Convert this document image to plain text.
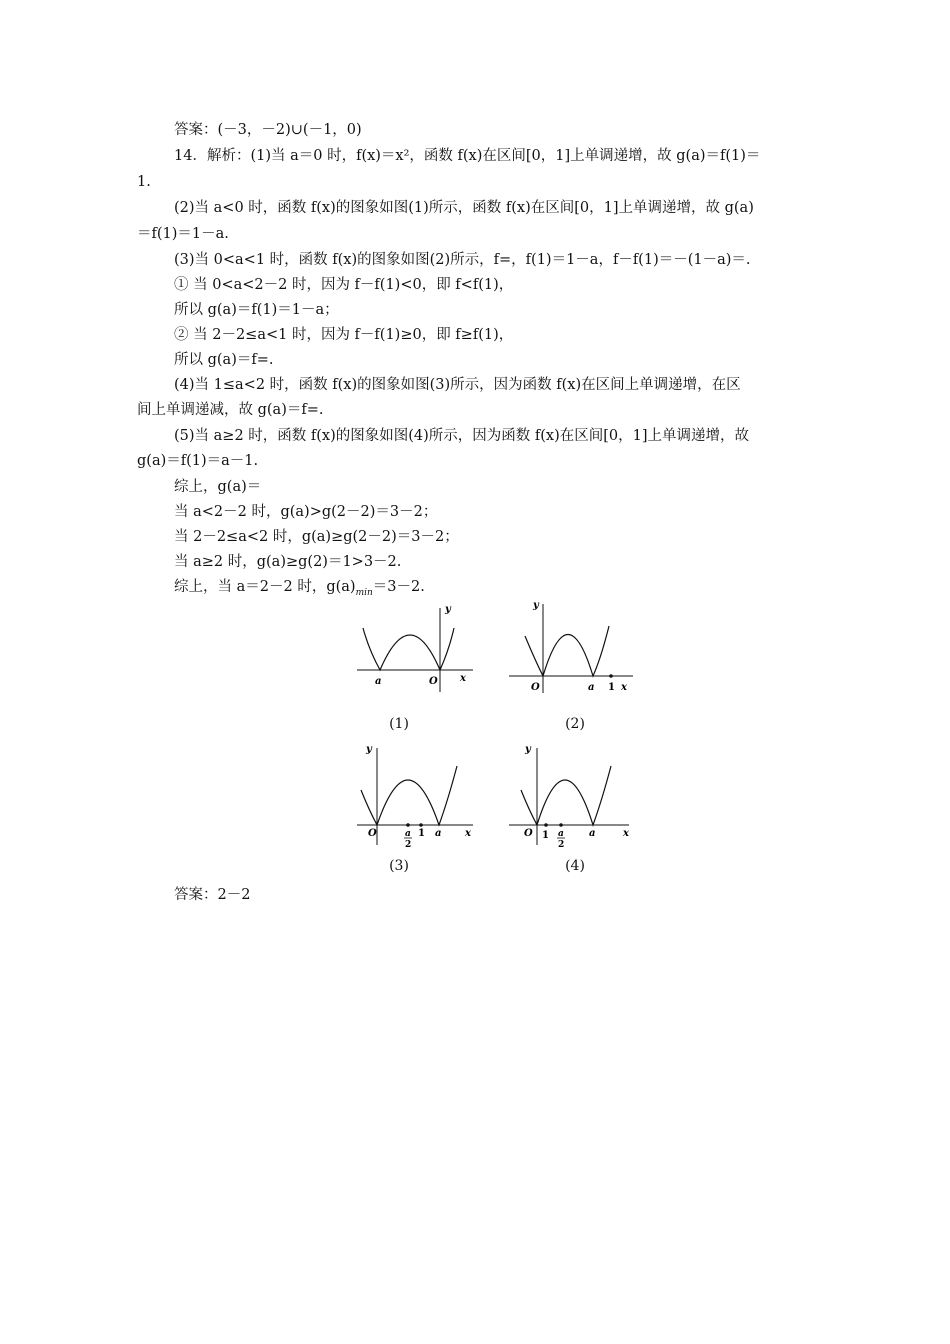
答案：(－3，－2)∪(－1，0)
14．解析：(1)当 a＝0 时，f(x)＝x²，函数 f(x)在区间[0，1]上单调递增，故 g(a)＝f(1)＝
1.
(2)当 a<0 时，函数 f(x)的图象如图(1)所示，函数 f(x)在区间[0，1]上单调递增，故 g(a)
＝f(1)＝1－a.
(3)当 0<a<1 时，函数 f(x)的图象如图(2)所示，f=，f(1)＝1－a，f－f(1)＝－(1－a)＝.
① 当 0<a<2－2 时，因为 f－f(1)<0，即 f<f(1)，
所以 g(a)＝f(1)＝1－a；
② 当 2－2≤a<1 时，因为 f－f(1)≥0，即 f≥f(1)，
所以 g(a)＝f=.
(4)当 1≤a<2 时，函数 f(x)的图象如图(3)所示，因为函数 f(x)在区间上单调递增，在区
间上单调递减，故 g(a)＝f=.
(5)当 a≥2 时，函数 f(x)的图象如图(4)所示，因为函数 f(x)在区间[0，1]上单调递增，故
g(a)＝f(1)＝a－1.
综上，g(a)＝
当 a<2－2 时，g(a)>g(2－2)＝3－2；
当 2－2≤a<2 时，g(a)≥g(2－2)＝3－2；
当 a≥2 时，g(a)≥g(2)＝1>3－2.
综上，当 a＝2－2 时，$g(a)_{min}=3-2$.
y
x
a	O
(1)
y
x
O	a 1
(2)
y
x
O	a
2
1 a
(3)
y
x
O 1 a
2
a
(4)
答案：2－2
